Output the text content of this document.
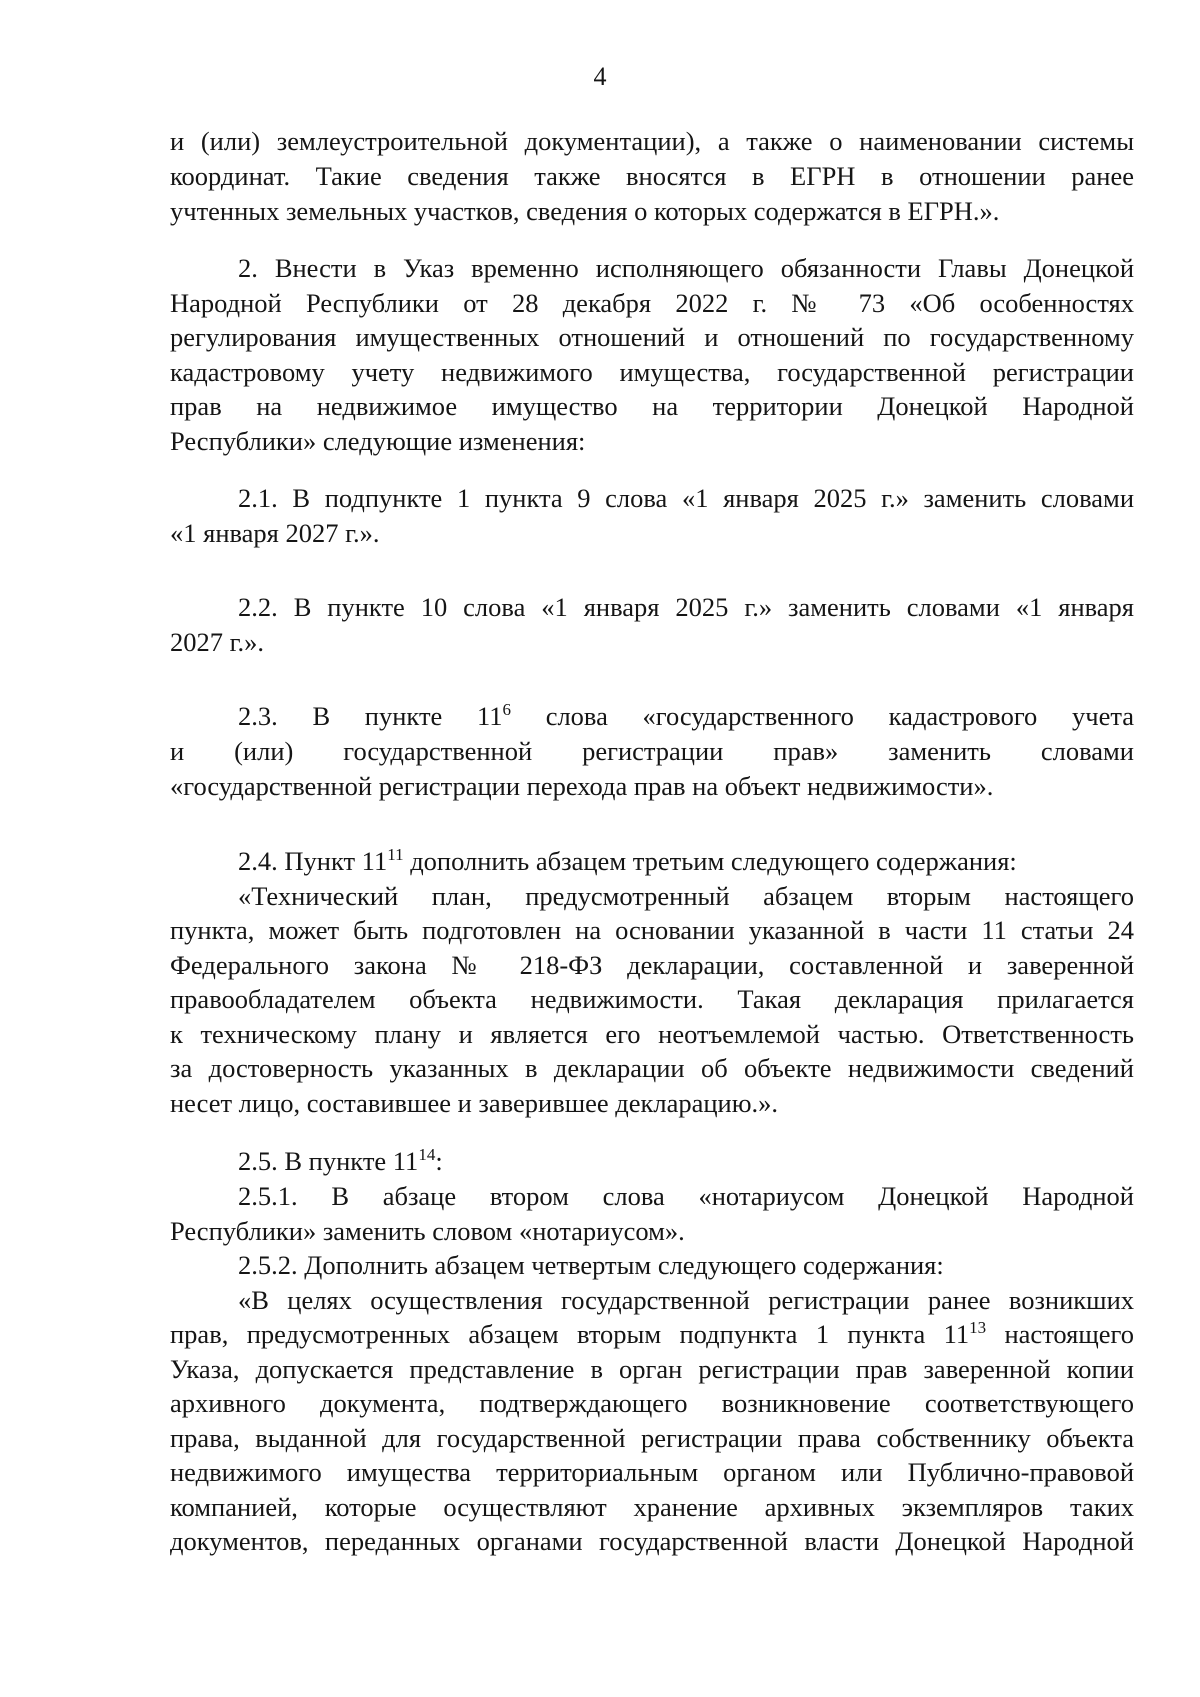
4
и (или) землеустроительной документации), а также о наименовании системы
координат. Такие сведения также вносятся в ЕГРН в отношении ранее
учтенных земельных участков, сведения о которых содержатся в ЕГРН.».
2. Внести в Указ временно исполняющего обязанности Главы Донецкой
Народной Республики от 28 декабря 2022 г. № 73 «Об особенностях
регулирования имущественных отношений и отношений по государственному
кадастровому учету недвижимого имущества, государственной регистрации
прав на недвижимое имущество на территории Донецкой Народной
Республики» следующие изменения:
2.1. В подпункте 1 пункта 9 слова «1 января 2025 г.» заменить словами
«1 января 2027 г.».
2.2. В пункте 10 слова «1 января 2025 г.» заменить словами «1 января
2027 г.».
и (или) государственной регистрации прав» заменить словами
«государственной регистрации перехода прав на объект недвижимости».
«Технический план, предусмотренный абзацем вторым настоящего
пункта, может быть подготовлен на основании указанной в части 11 статьи 24
Федерального закона № 218-ФЗ декларации, составленной и заверенной
правообладателем объекта недвижимости. Такая декларация прилагается
к техническому плану и является его неотъемлемой частью. Ответственность
за достоверность указанных в декларации об объекте недвижимости сведений
несет лицо, составившее и заверившее декларацию.».
2.5.1. В абзаце втором слова «нотариусом Донецкой Народной
Республики» заменить словом «нотариусом».
2.5.2. Дополнить абзацем четвертым следующего содержания:
«В целях осуществления государственной регистрации ранее возникших
Указа, допускается представление в орган регистрации прав заверенной копии
архивного документа, подтверждающего возникновение соответствующего
права, выданной для государственной регистрации права собственнику объекта
недвижимого имущества территориальным органом или Публично-правовой
компанией, которые осуществляют хранение архивных экземпляров таких
документов, переданных органами государственной власти Донецкой Народной
2.3. В пункте $11^6$ слова «государственного кадастрового учета
2.4. Пункт $11^{11}$ дополнить абзацем третьим следующего содержания:
2.5. В пункте $11^{14}$:
прав, предусмотренных абзацем вторым подпункта 1 пункта $11^{13}$ настоящего
